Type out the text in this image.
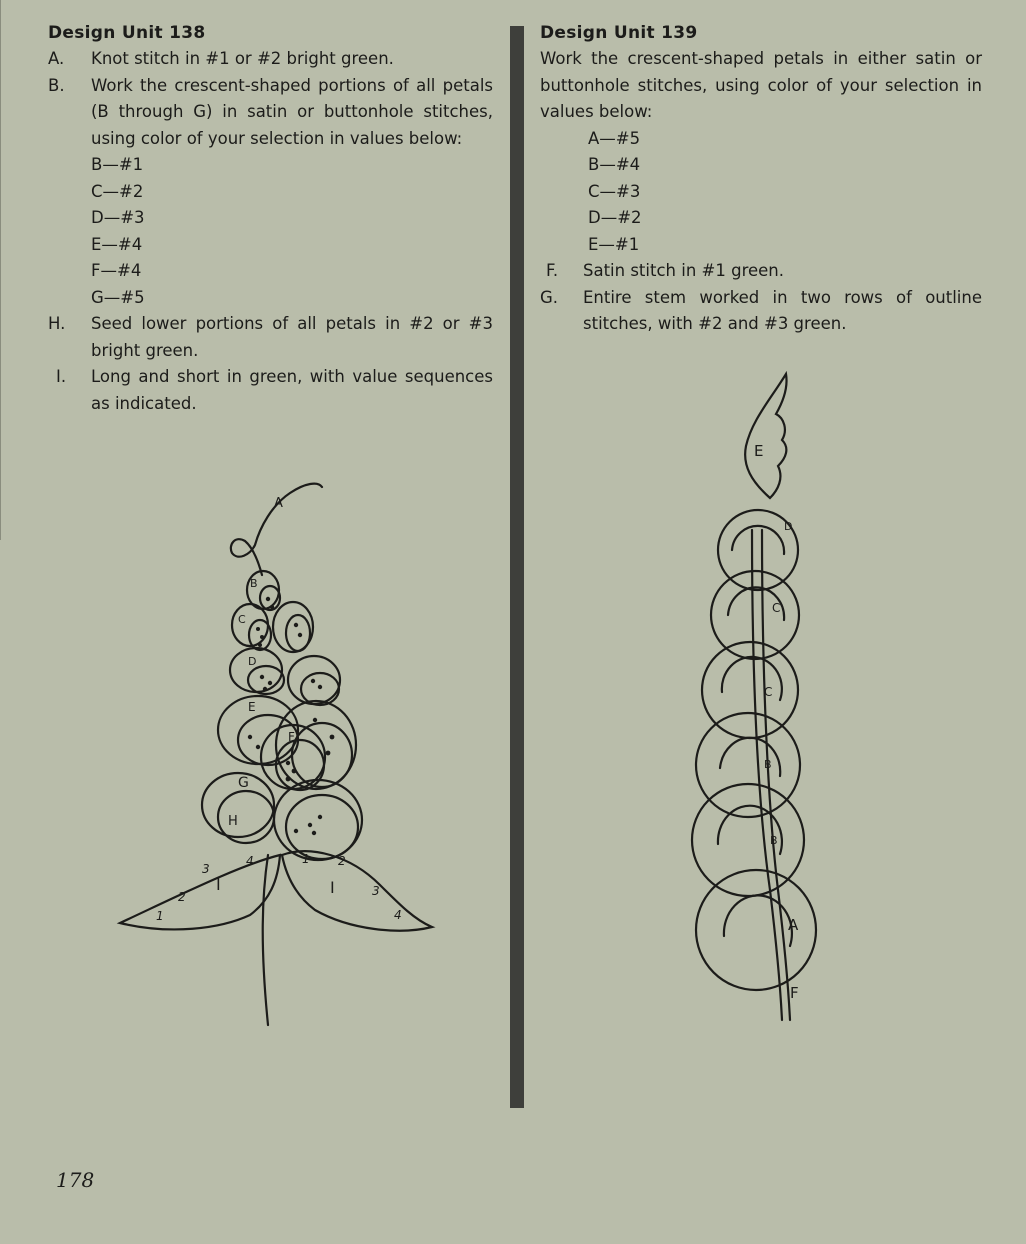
Design Unit 138
A.	Knot stitch in #1 or #2 bright green.
B.	Work the crescent-shaped portions of all petals (B through G) in satin or buttonhole stitches, using color of your selection in values below:
B—#1
C—#2
D—#3
E—#4
F—#4
G—#5
H.	Seed lower portions of all petals in #2 or #3 bright green.
I.	Long and short in green, with value sequences as indicated.
Design Unit 139
Work the crescent-shaped petals in either satin or buttonhole stitches, using color of your selection in values below:
A—#5
B—#4
C—#3
D—#2
E—#1
F.	Satin stitch in #1 green.
G.	Entire stem worked in two rows of outline stitches, with #2 and #3 green.
A
B
C
D
E
F
G
H
I	I
1
2
3
4	1 2
3
4
E
D
C
C
B
B
A
F
178
